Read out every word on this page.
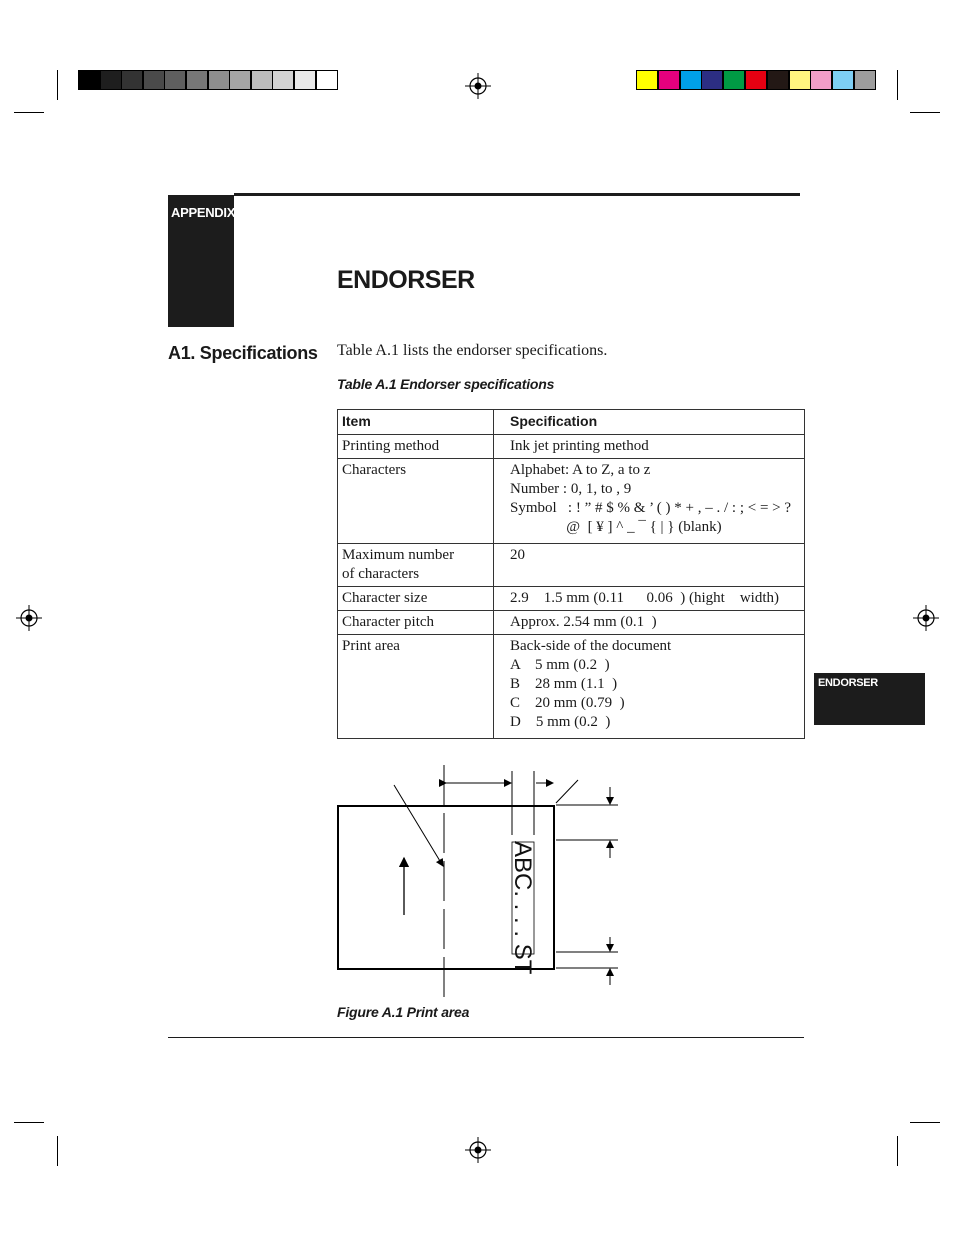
APPENDIX
ENDORSER
A1. Specifications Table A.1 lists the endorser specifications.
Table A.1 Endorser specifications
Item	Specification

Printing method	Ink jet printing method

Characters	Alphabet: A to Z, a to z
Number : 0, 1, to , 9
Symbol   : ! ” # $ % & ’ ( ) * + , – . / : ; < = > ?
@  [ ¥ ] ^ _ ¯ { | } (blank)

Maximum number
of characters	20

Character size	2.9    1.5 mm (0.11      0.06  ) (hight    width)

Character pitch	Approx. 2.54 mm (0.1  )

Print area	Back-side of the document
A    5 mm (0.2  )
B    28 mm (1.1  )
C    20 mm (0.79  )
D    5 mm (0.2  )
ENDORSER
ABC. . . . ST
Figure A.1 Print area
